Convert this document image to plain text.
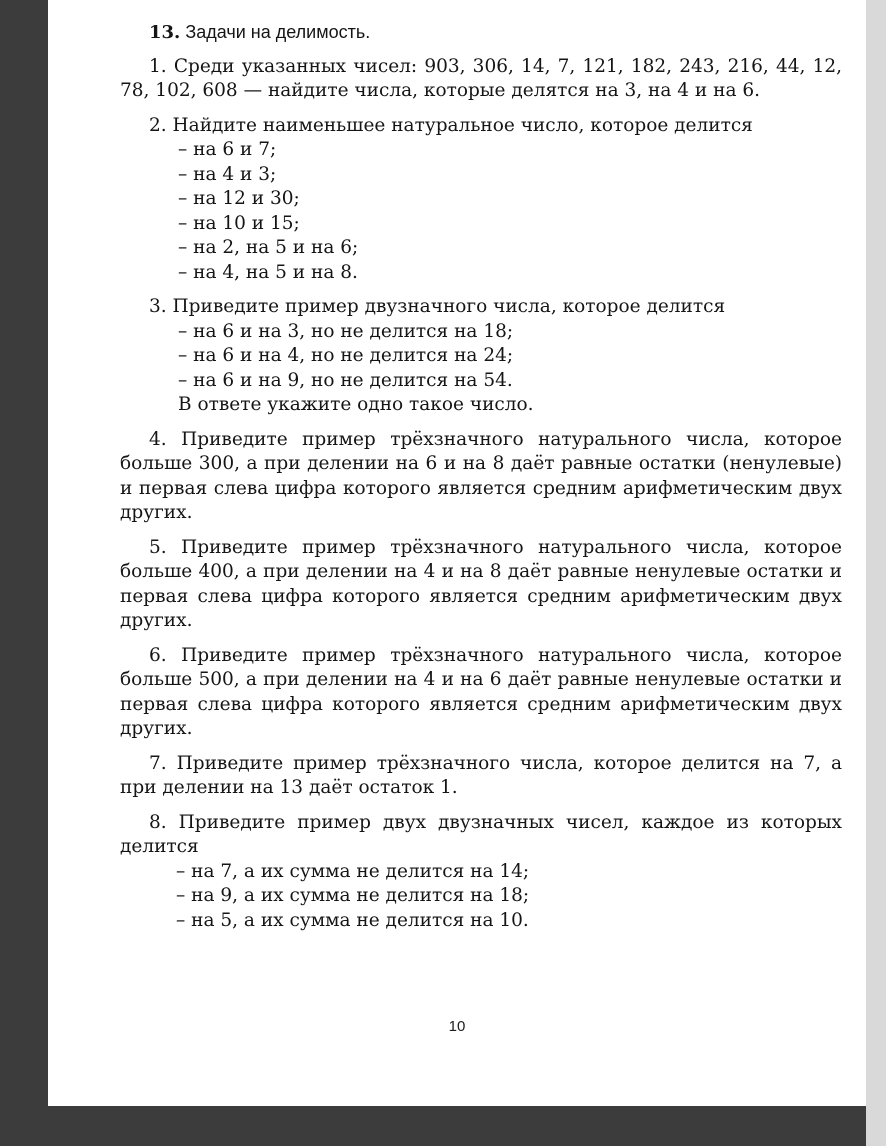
13. Задачи на делимость.
1. Среди указанных чисел: 903, 306, 14, 7, 121, 182, 243, 216, 44, 12, 78, 102, 608 — найдите числа, которые делятся на 3, на 4 и на 6.
2. Найдите наименьшее натуральное число, которое делится
– на 6 и 7;
– на 4 и 3;
– на 12 и 30;
– на 10 и 15;
– на 2, на 5 и на 6;
– на 4, на 5 и на 8.
3. Приведите пример двузначного числа, которое делится
– на 6 и на 3, но не делится на 18;
– на 6 и на 4, но не делится на 24;
– на 6 и на 9, но не делится на 54.
В ответе укажите одно такое число.
4. Приведите пример трёхзначного натурального числа, которое больше 300, а при делении на 6 и на 8 даёт равные остатки (ненулевые) и первая слева цифра которого является средним арифметическим двух других.
5. Приведите пример трёхзначного натурального числа, которое больше 400, а при делении на 4 и на 8 даёт равные ненулевые остатки и первая слева цифра которого является средним арифметическим двух других.
6. Приведите пример трёхзначного натурального числа, которое больше 500, а при делении на 4 и на 6 даёт равные ненулевые остатки и первая слева цифра которого является средним арифметическим двух других.
7. Приведите пример трёхзначного числа, которое делится на 7, а при делении на 13 даёт остаток 1.
8. Приведите пример двух двузначных чисел, каждое из которых делится
– на 7, а их сумма не делится на 14;
– на 9, а их сумма не делится на 18;
– на 5, а их сумма не делится на 10.
10
